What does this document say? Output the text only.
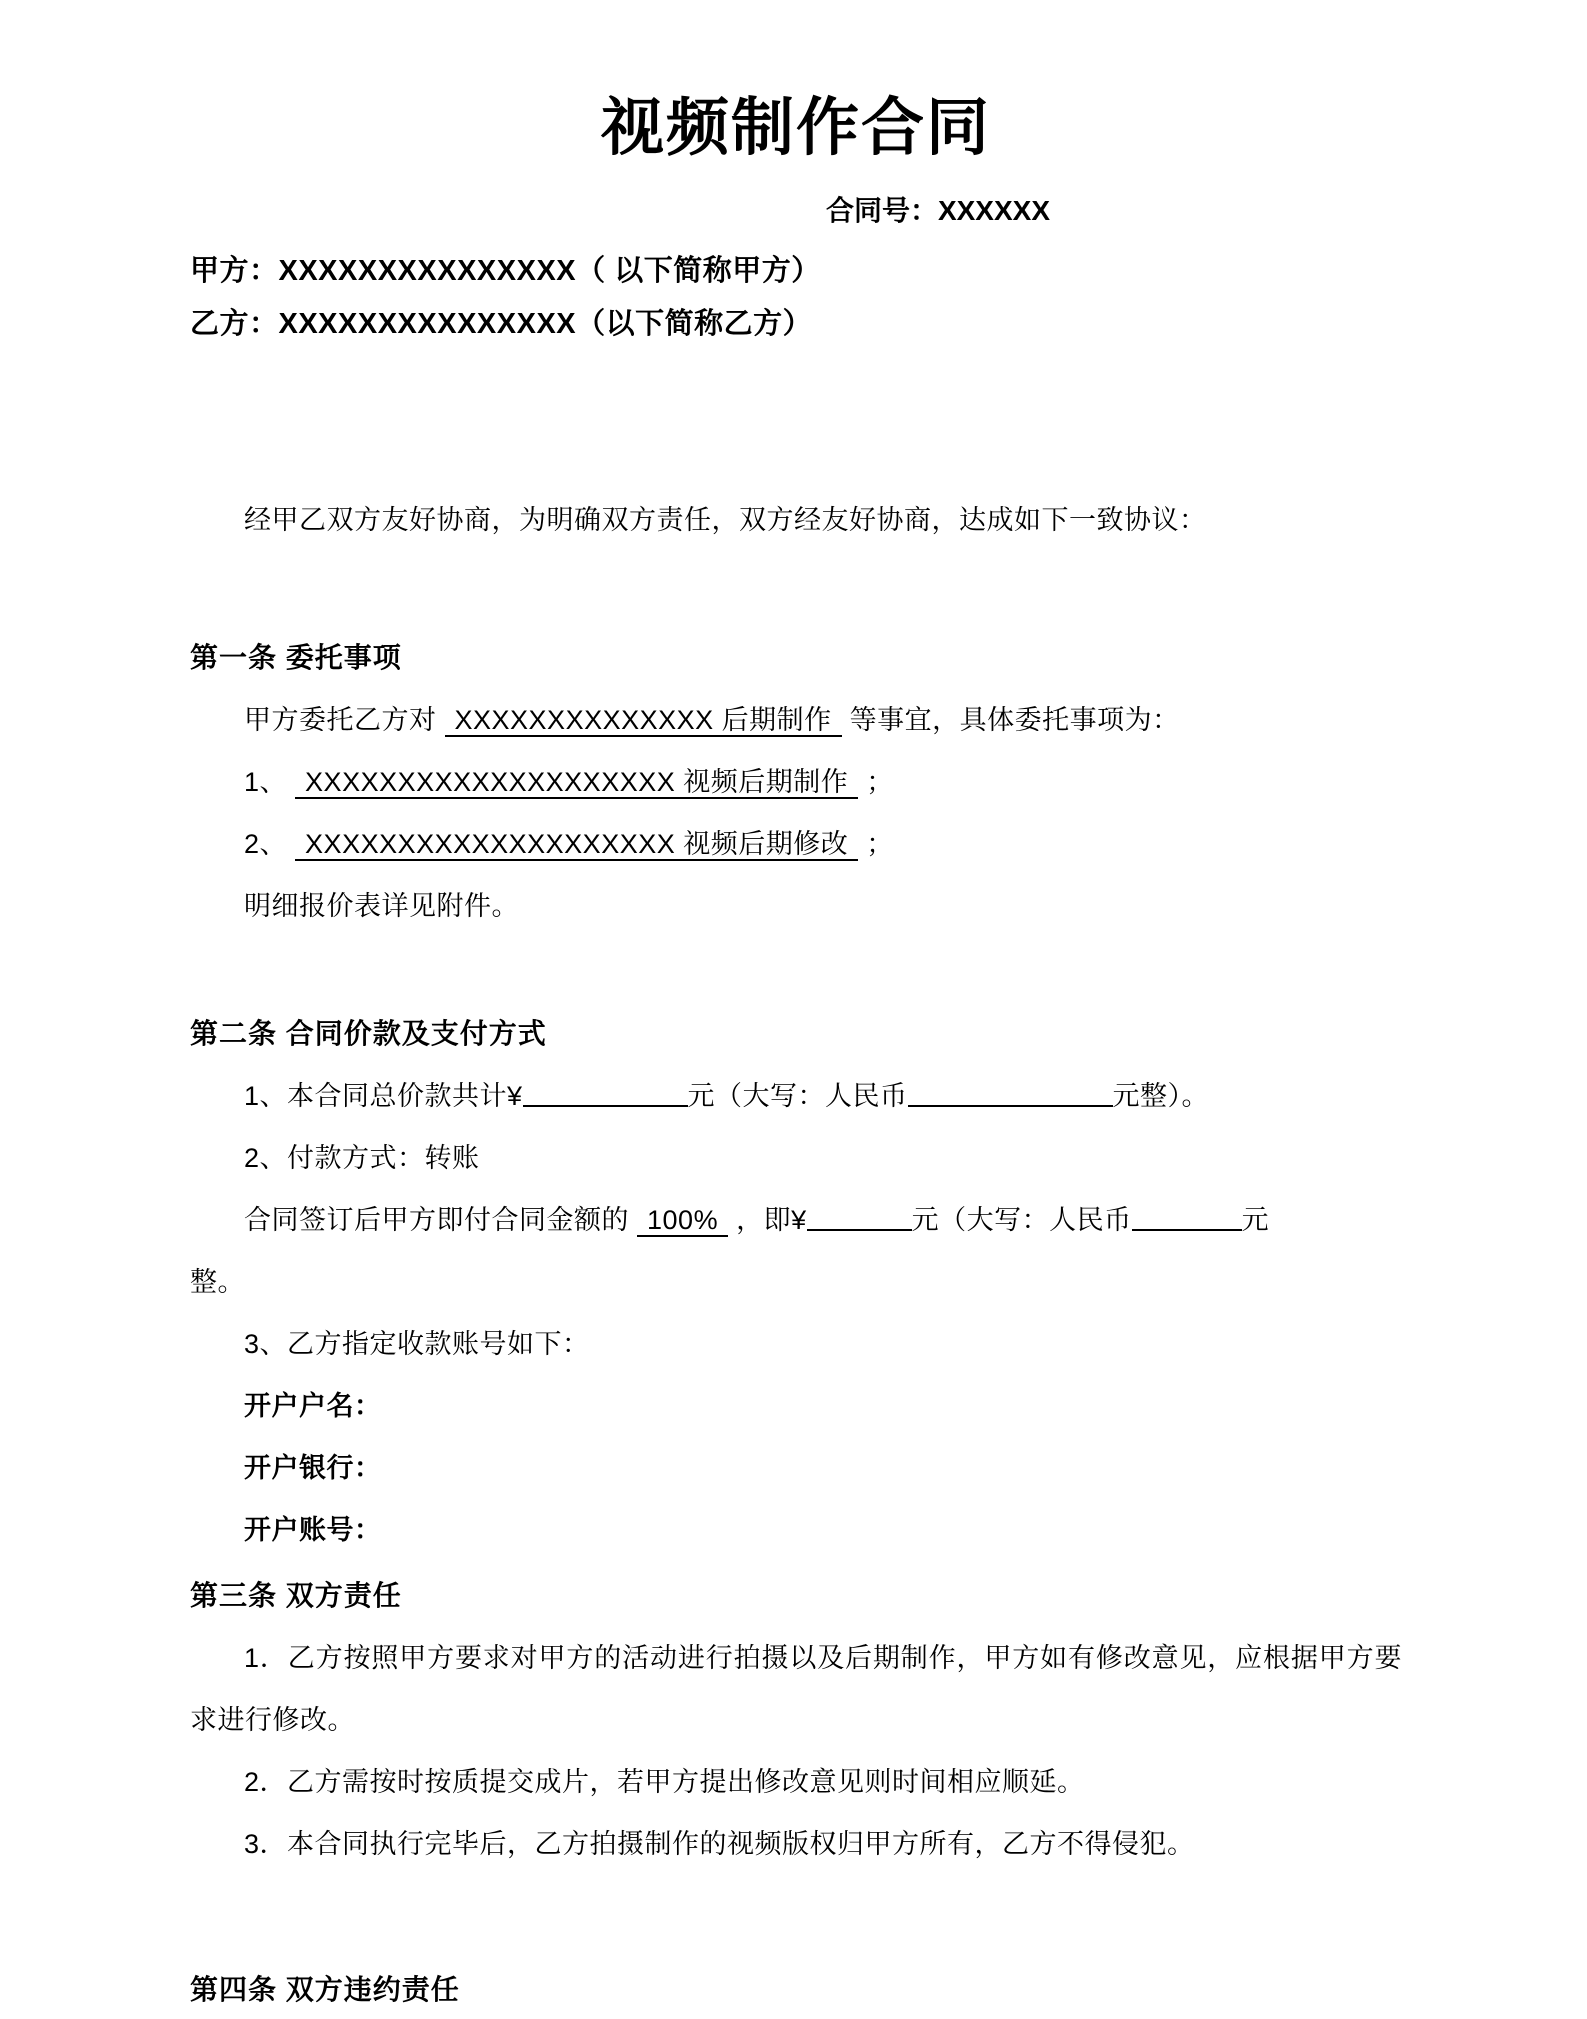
视频制作合同
合同号：XXXXXX
甲方：XXXXXXXXXXXXXXX（ 以下简称甲方）
乙方：XXXXXXXXXXXXXXX（以下简称乙方）
经甲乙双方友好协商，为明确双方责任，双方经友好协商，达成如下一致协议：
第一条 委托事项
甲方委托乙方对 XXXXXXXXXXXXXX 后期制作 等事宜，具体委托事项为：
1、 XXXXXXXXXXXXXXXXXXXX 视频后期制作 ；
2、 XXXXXXXXXXXXXXXXXXXX 视频后期修改 ；
明细报价表详见附件。
第二条 合同价款及支付方式
1、本合同总价款共计¥	元（大写：人民币	元整）。
2、付款方式：转账
合同签订后甲方即付合同金额的 100% ，即¥	元（大写：人民币	元
整。
3、乙方指定收款账号如下：
开户户名：
开户银行：
开户账号：
第三条 双方责任
1．乙方按照甲方要求对甲方的活动进行拍摄以及后期制作，甲方如有修改意见，应根据甲方要求进行修改。
2．乙方需按时按质提交成片，若甲方提出修改意见则时间相应顺延。
3．本合同执行完毕后，乙方拍摄制作的视频版权归甲方所有，乙方不得侵犯。
第四条 双方违约责任
